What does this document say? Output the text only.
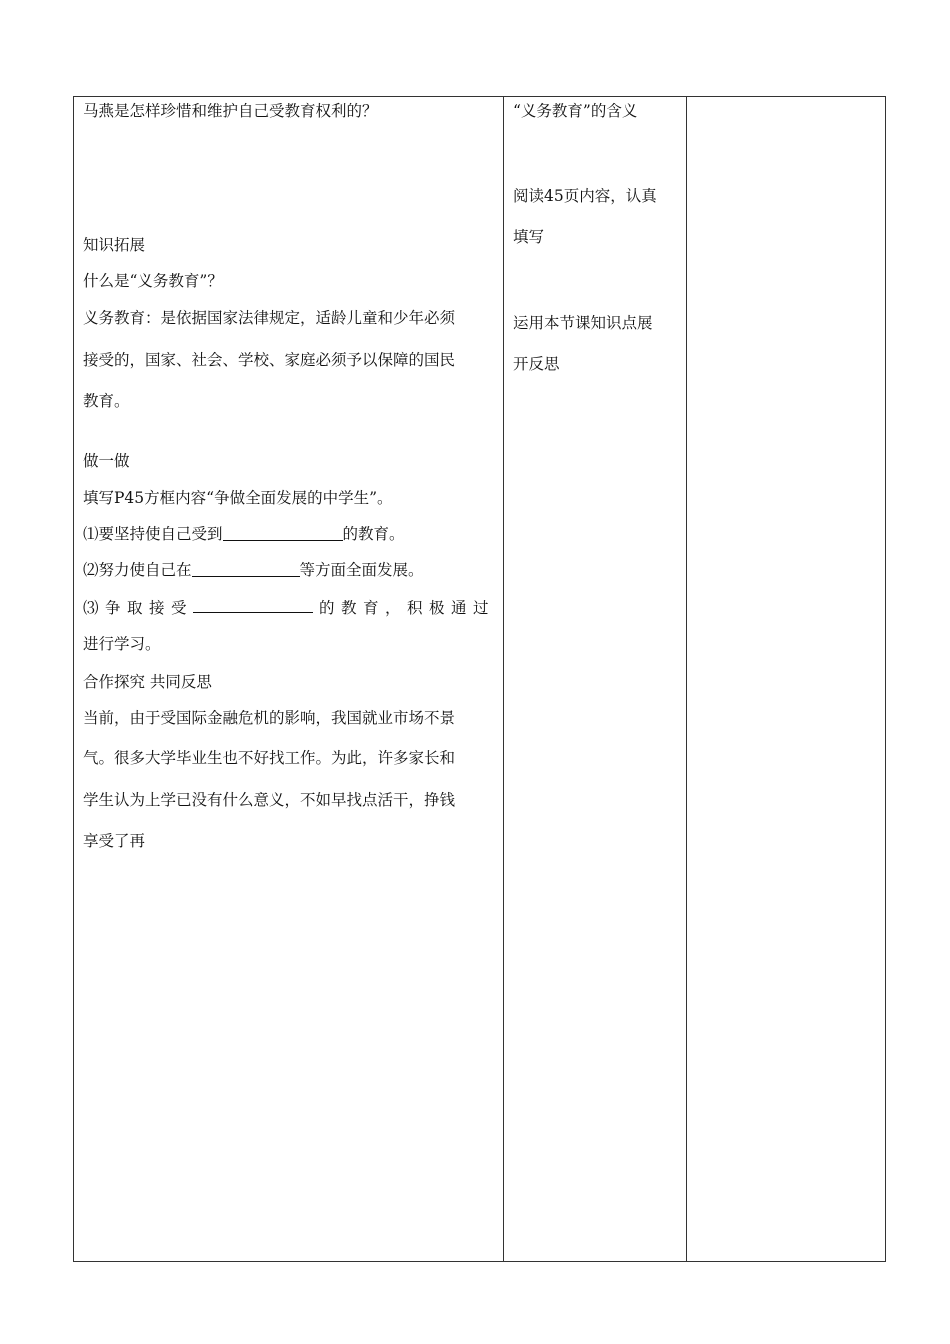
马燕是怎样珍惜和维护自己受教育权利的？
知识拓展
什么是“义务教育”？
义务教育：是依据国家法律规定，适龄儿童和少年必须
接受的，国家、社会、学校、家庭必须予以保障的国民
教育。
做一做
填写P45方框内容“争做全面发展的中学生”。
⑴要坚持使自己受到	的教育。
⑵努力使自己在	等方面全面发展。
⑶争取接受	的教育，积极通过
进行学习。
合作探究 共同反思
当前，由于受国际金融危机的影响，我国就业市场不景
气。很多大学毕业生也不好找工作。为此，许多家长和
学生认为上学已没有什么意义，不如早找点活干，挣钱
享受了再
“义务教育”的含义
阅读45页内容，认真
填写
运用本节课知识点展
开反思
